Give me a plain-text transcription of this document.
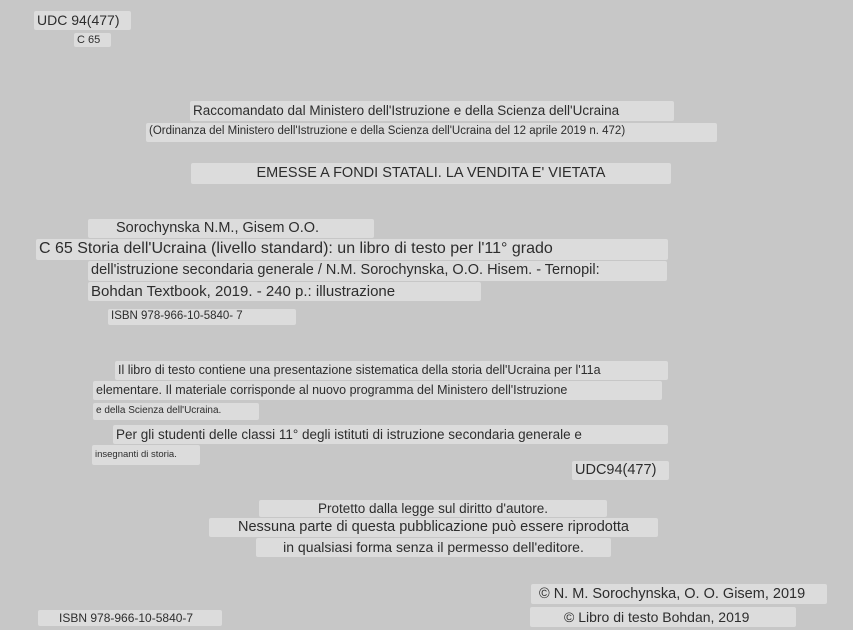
UDC 94(477)
C 65
Raccomandato dal Ministero dell'Istruzione e della Scienza dell'Ucraina
(Ordinanza del Ministero dell'Istruzione e della Scienza dell'Ucraina del 12 aprile 2019 n. 472)
EMESSE A FONDI STATALI. LA VENDITA E' VIETATA
Sorochynska N.M., Gisem O.O.
C 65 Storia dell'Ucraina (livello standard): un libro di testo per l'11° grado
dell'istruzione secondaria generale / N.M. Sorochynska, O.O. Hisem. - Ternopil:
Bohdan Textbook, 2019. - 240 p.: illustrazione
ISBN 978-966-10-5840- 7
Il libro di testo contiene una presentazione sistematica della storia dell'Ucraina per l'11a
elementare. Il materiale corrisponde al nuovo programma del Ministero dell'Istruzione
e della Scienza dell'Ucraina.
Per gli studenti delle classi 11° degli istituti di istruzione secondaria generale e
insegnanti di storia.
UDC94(477)
Protetto dalla legge sul diritto d'autore.
Nessuna parte di questa pubblicazione può essere riprodotta
in qualsiasi forma senza il permesso dell'editore.
© N. M. Sorochynska, O. O. Gisem, 2019
ISBN 978-966-10-5840-7	© Libro di testo Bohdan, 2019
